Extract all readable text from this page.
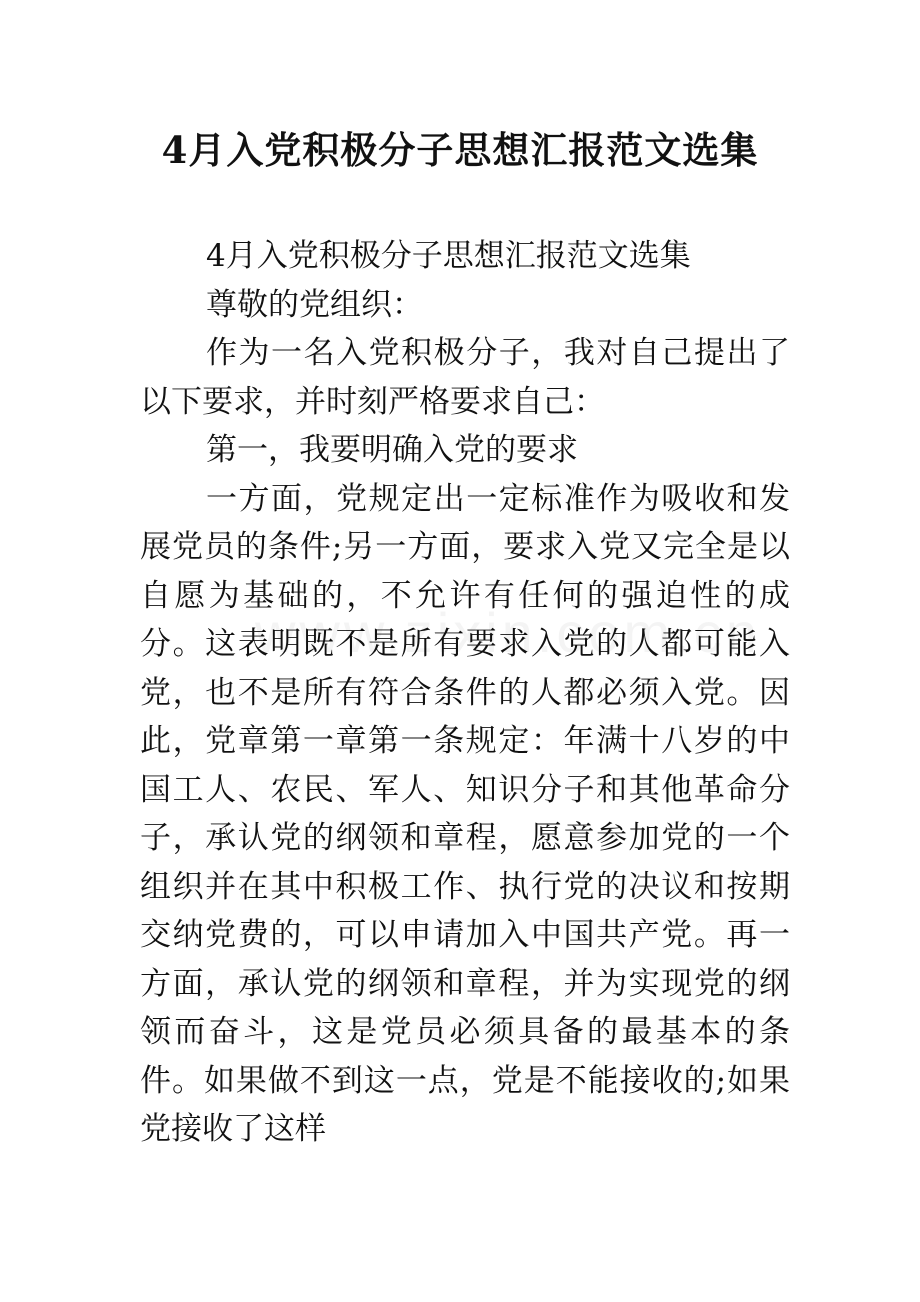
4月入党积极分子思想汇报范文选集

4月入党积极分子思想汇报范文选集

尊敬的党组织：

作为一名入党积极分子，我对自己提出了以下要求，并时刻严格要求自己：

第一，我要明确入党的要求

一方面，党规定出一定标准作为吸收和发展党员的条件;另一方面，要求入党又完全是以自愿为基础的，不允许有任何的强迫性的成分。这表明既不是所有要求入党的人都可能入党，也不是所有符合条件的人都必须入党。因此，党章第一章第一条规定：年满十八岁的中国工人、农民、军人、知识分子和其他革命分子，承认党的纲领和章程，愿意参加党的一个组织并在其中积极工作、执行党的决议和按期交纳党费的，可以申请加入中国共产党。再一方面，承认党的纲领和章程，并为实现党的纲领而奋斗，这是党员必须具备的最基本的条件。如果做不到这一点，党是不能接收的;如果党接收了这样
